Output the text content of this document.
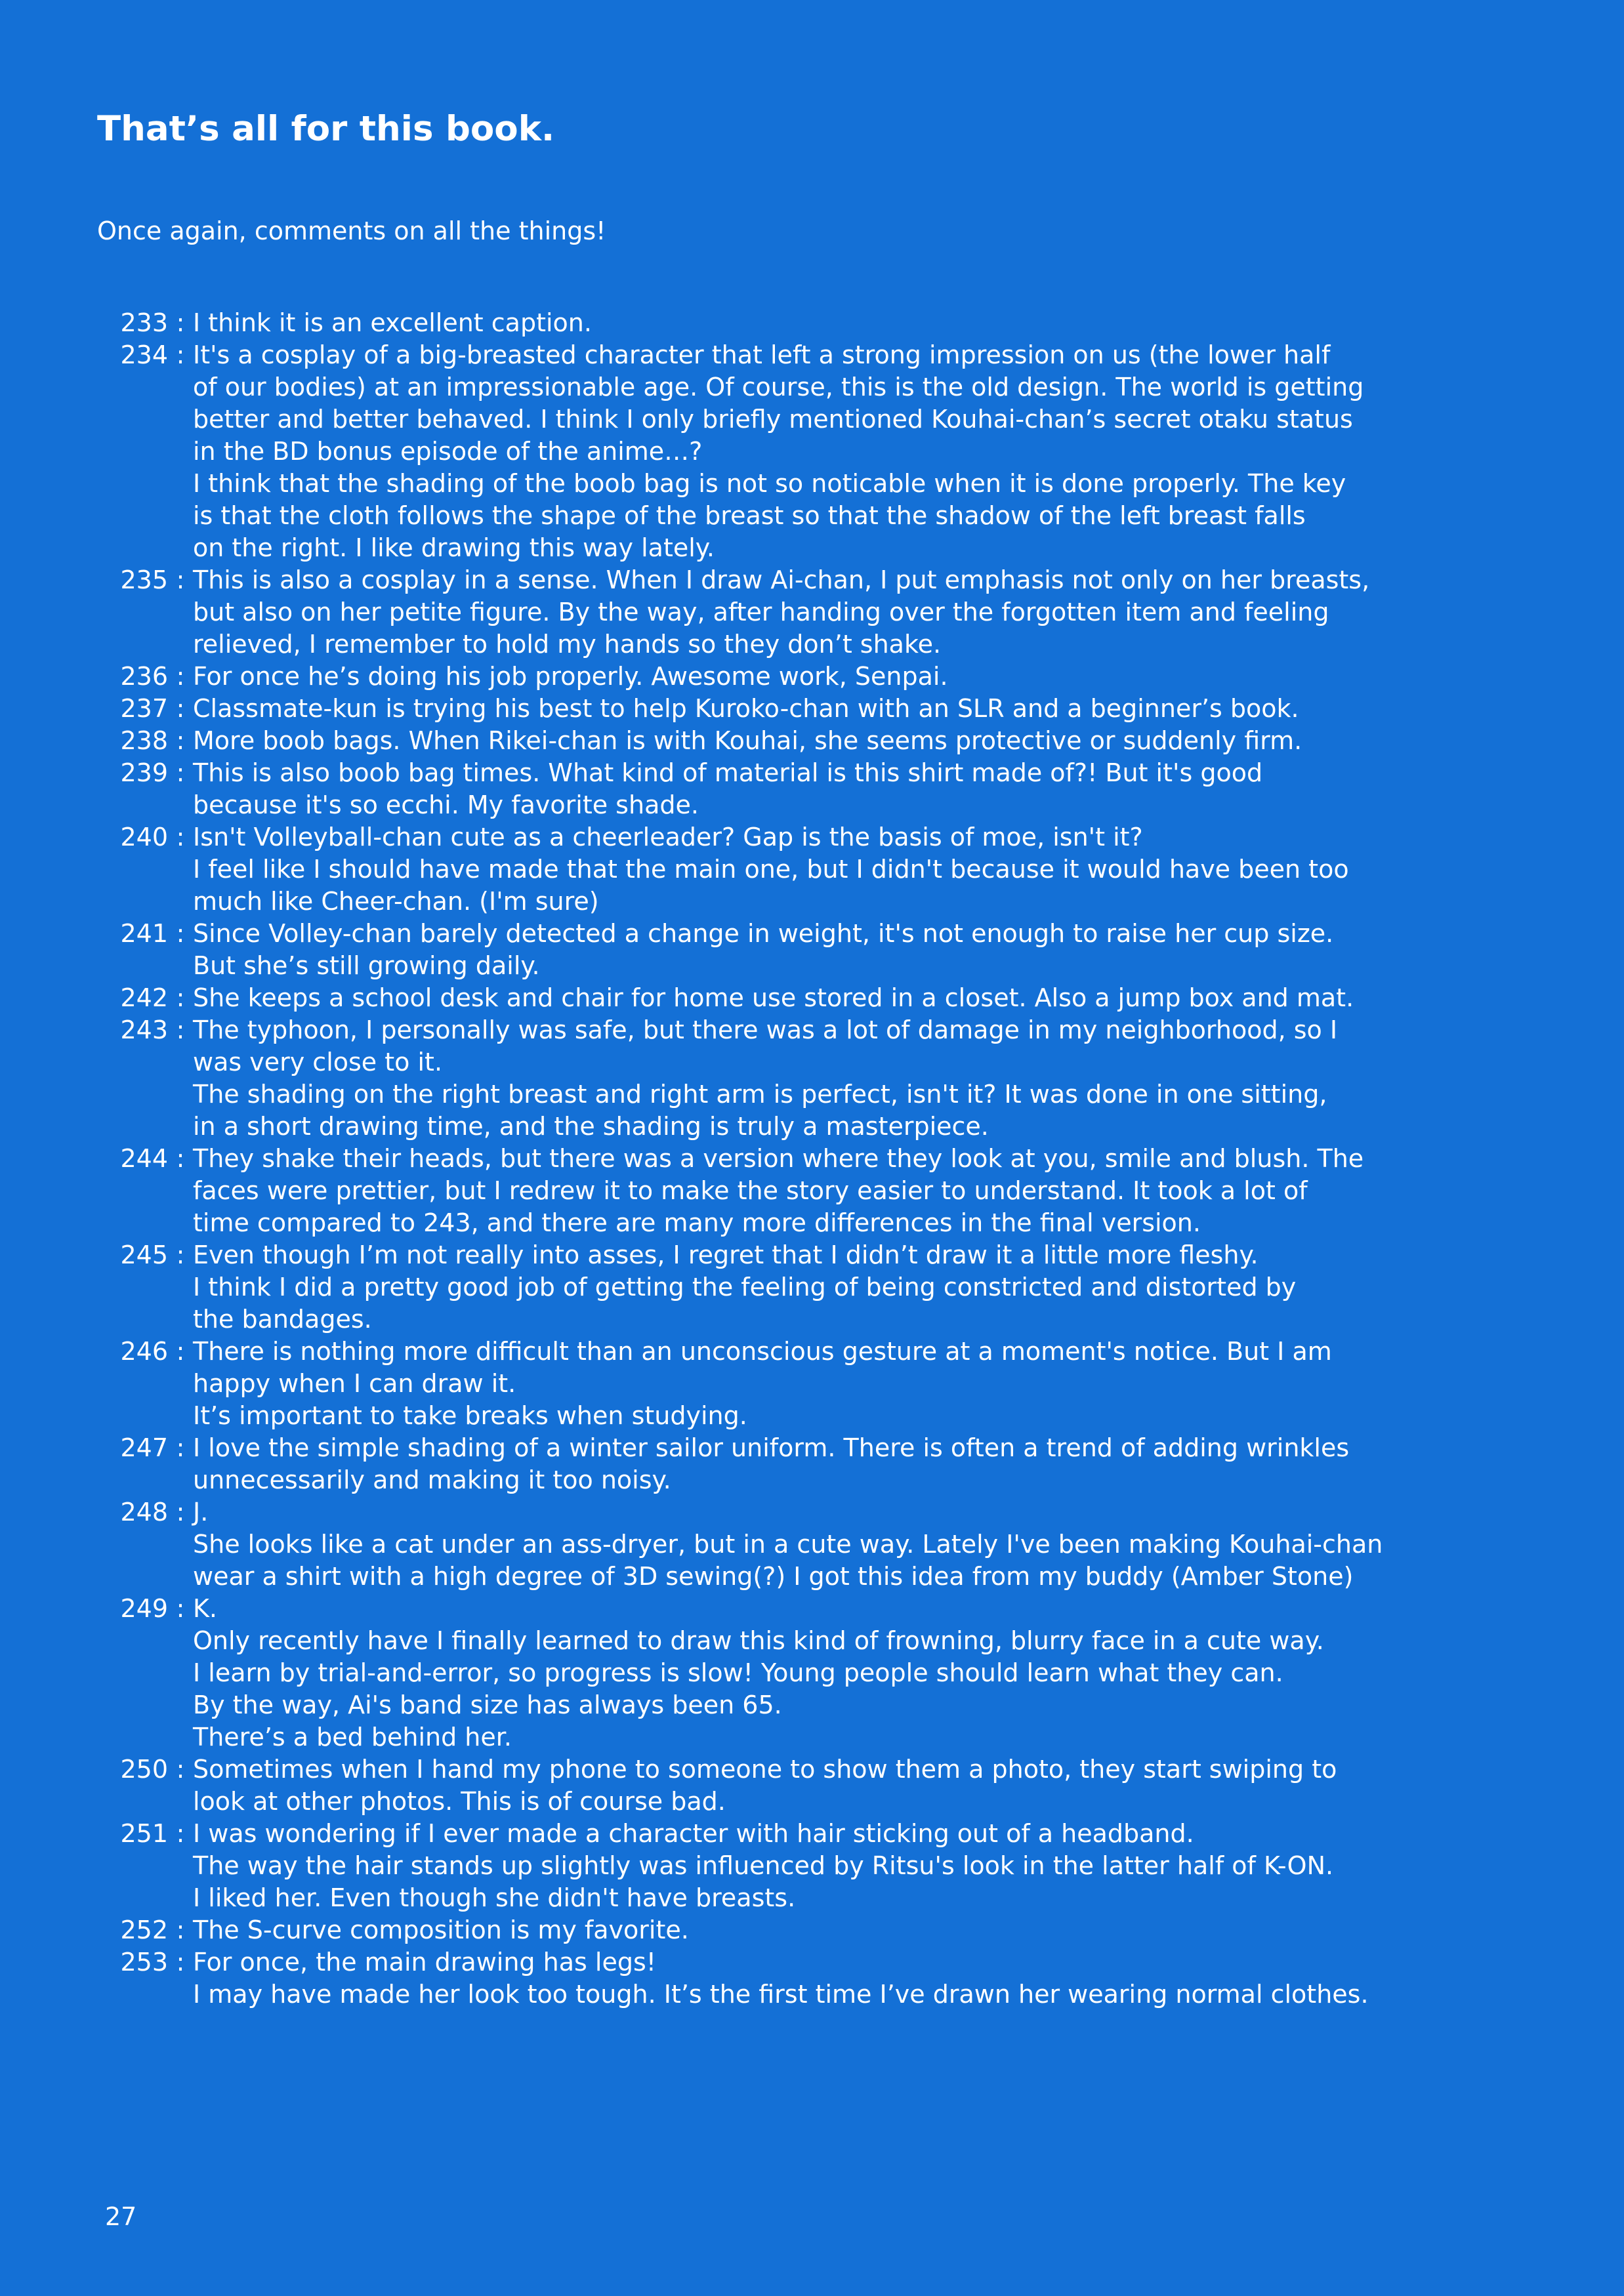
That’s all for this book.

Once again, comments on all the things!

233 : I think it is an excellent caption.
234 : It's a cosplay of a big-breasted character that left a strong impression on us (the lower half
of our bodies) at an impressionable age. Of course, this is the old design. The world is getting
better and better behaved. I think I only briefly mentioned Kouhai-chan’s secret otaku status
in the BD bonus episode of the anime…?
I think that the shading of the boob bag is not so noticable when it is done properly. The key
is that the cloth follows the shape of the breast so that the shadow of the left breast falls
on the right. I like drawing this way lately.
235 : This is also a cosplay in a sense. When I draw Ai-chan, I put emphasis not only on her breasts,
but also on her petite figure. By the way, after handing over the forgotten item and feeling
relieved, I remember to hold my hands so they don’t shake.
236 : For once he’s doing his job properly. Awesome work, Senpai.
237 : Classmate-kun is trying his best to help Kuroko-chan with an SLR and a beginner’s book.
238 : More boob bags. When Rikei-chan is with Kouhai, she seems protective or suddenly firm.
239 : This is also boob bag times. What kind of material is this shirt made of?! But it's good
because it's so ecchi. My favorite shade.
240 : Isn't Volleyball-chan cute as a cheerleader? Gap is the basis of moe, isn't it?
I feel like I should have made that the main one, but I didn't because it would have been too
much like Cheer-chan. (I'm sure)
241 : Since Volley-chan barely detected a change in weight, it's not enough to raise her cup size.
But she’s still growing daily.
242 : She keeps a school desk and chair for home use stored in a closet. Also a jump box and mat.
243 : The typhoon, I personally was safe, but there was a lot of damage in my neighborhood, so I
was very close to it.
The shading on the right breast and right arm is perfect, isn't it? It was done in one sitting,
in a short drawing time, and the shading is truly a masterpiece.
244 : They shake their heads, but there was a version where they look at you, smile and blush. The
faces were prettier, but I redrew it to make the story easier to understand. It took a lot of
time compared to 243, and there are many more differences in the final version.
245 : Even though I’m not really into asses, I regret that I didn’t draw it a little more fleshy.
I think I did a pretty good job of getting the feeling of being constricted and distorted by
the bandages.
246 : There is nothing more difficult than an unconscious gesture at a moment's notice. But I am
happy when I can draw it.
It’s important to take breaks when studying.
247 : I love the simple shading of a winter sailor uniform. There is often a trend of adding wrinkles
unnecessarily and making it too noisy.
248 : J.
She looks like a cat under an ass-dryer, but in a cute way. Lately I've been making Kouhai-chan
wear a shirt with a high degree of 3D sewing(?) I got this idea from my buddy (Amber Stone)
249 : K.
Only recently have I finally learned to draw this kind of frowning, blurry face in a cute way.
I learn by trial-and-error, so progress is slow! Young people should learn what they can.
By the way, Ai's band size has always been 65.
There’s a bed behind her.
250 : Sometimes when I hand my phone to someone to show them a photo, they start swiping to
look at other photos. This is of course bad.
251 : I was wondering if I ever made a character with hair sticking out of a headband.
The way the hair stands up slightly was influenced by Ritsu's look in the latter half of K-ON.
I liked her. Even though she didn't have breasts.
252 : The S-curve composition is my favorite.
253 : For once, the main drawing has legs!
I may have made her look too tough. It’s the first time I’ve drawn her wearing normal clothes.
27
